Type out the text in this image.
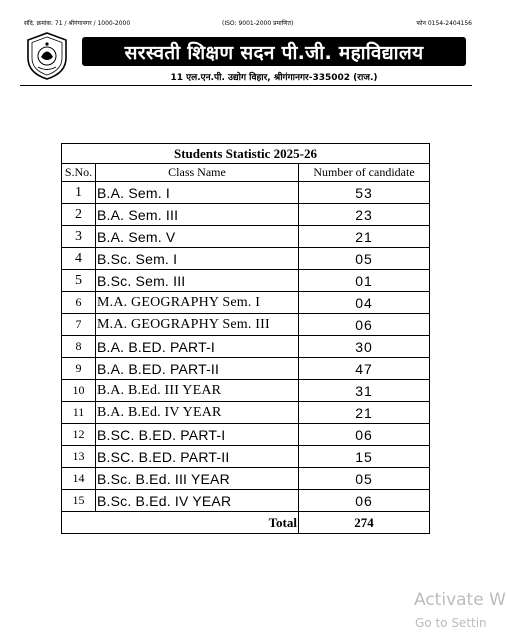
संदि. क्रमांक: 71 / श्रीगंगानगर / 1000-2000	(ISO: 9001-2000 प्रमाणित)	फोन 0154-2404156
सरस्वती शिक्षण सदन पी.जी. महाविद्यालय
11 एल.एन.पी. उद्योग विहार, श्रीगंगानगर-335002 (राज.)
Students Statistic 2025-26		
S.No.	Class Name	Number of candidate
1	B.A. Sem. I	53
2	B.A. Sem. III	23
3	B.A. Sem. V	21
4	B.Sc. Sem. I	05
5	B.Sc. Sem. III	01
6	M.A. GEOGRAPHY Sem. I	04
7	M.A. GEOGRAPHY Sem. III	06
8	B.A. B.ED. PART-I	30
9	B.A. B.ED. PART-II	47
10	B.A. B.Ed. III YEAR	31
11	B.A. B.Ed. IV YEAR	21
12	B.SC. B.ED. PART-I	06
13	B.SC. B.ED. PART-II	15
14	B.Sc. B.Ed. III YEAR	05
15	B.Sc. B.Ed. IV YEAR	06
	Total	274
Activate W
Go to Settin
